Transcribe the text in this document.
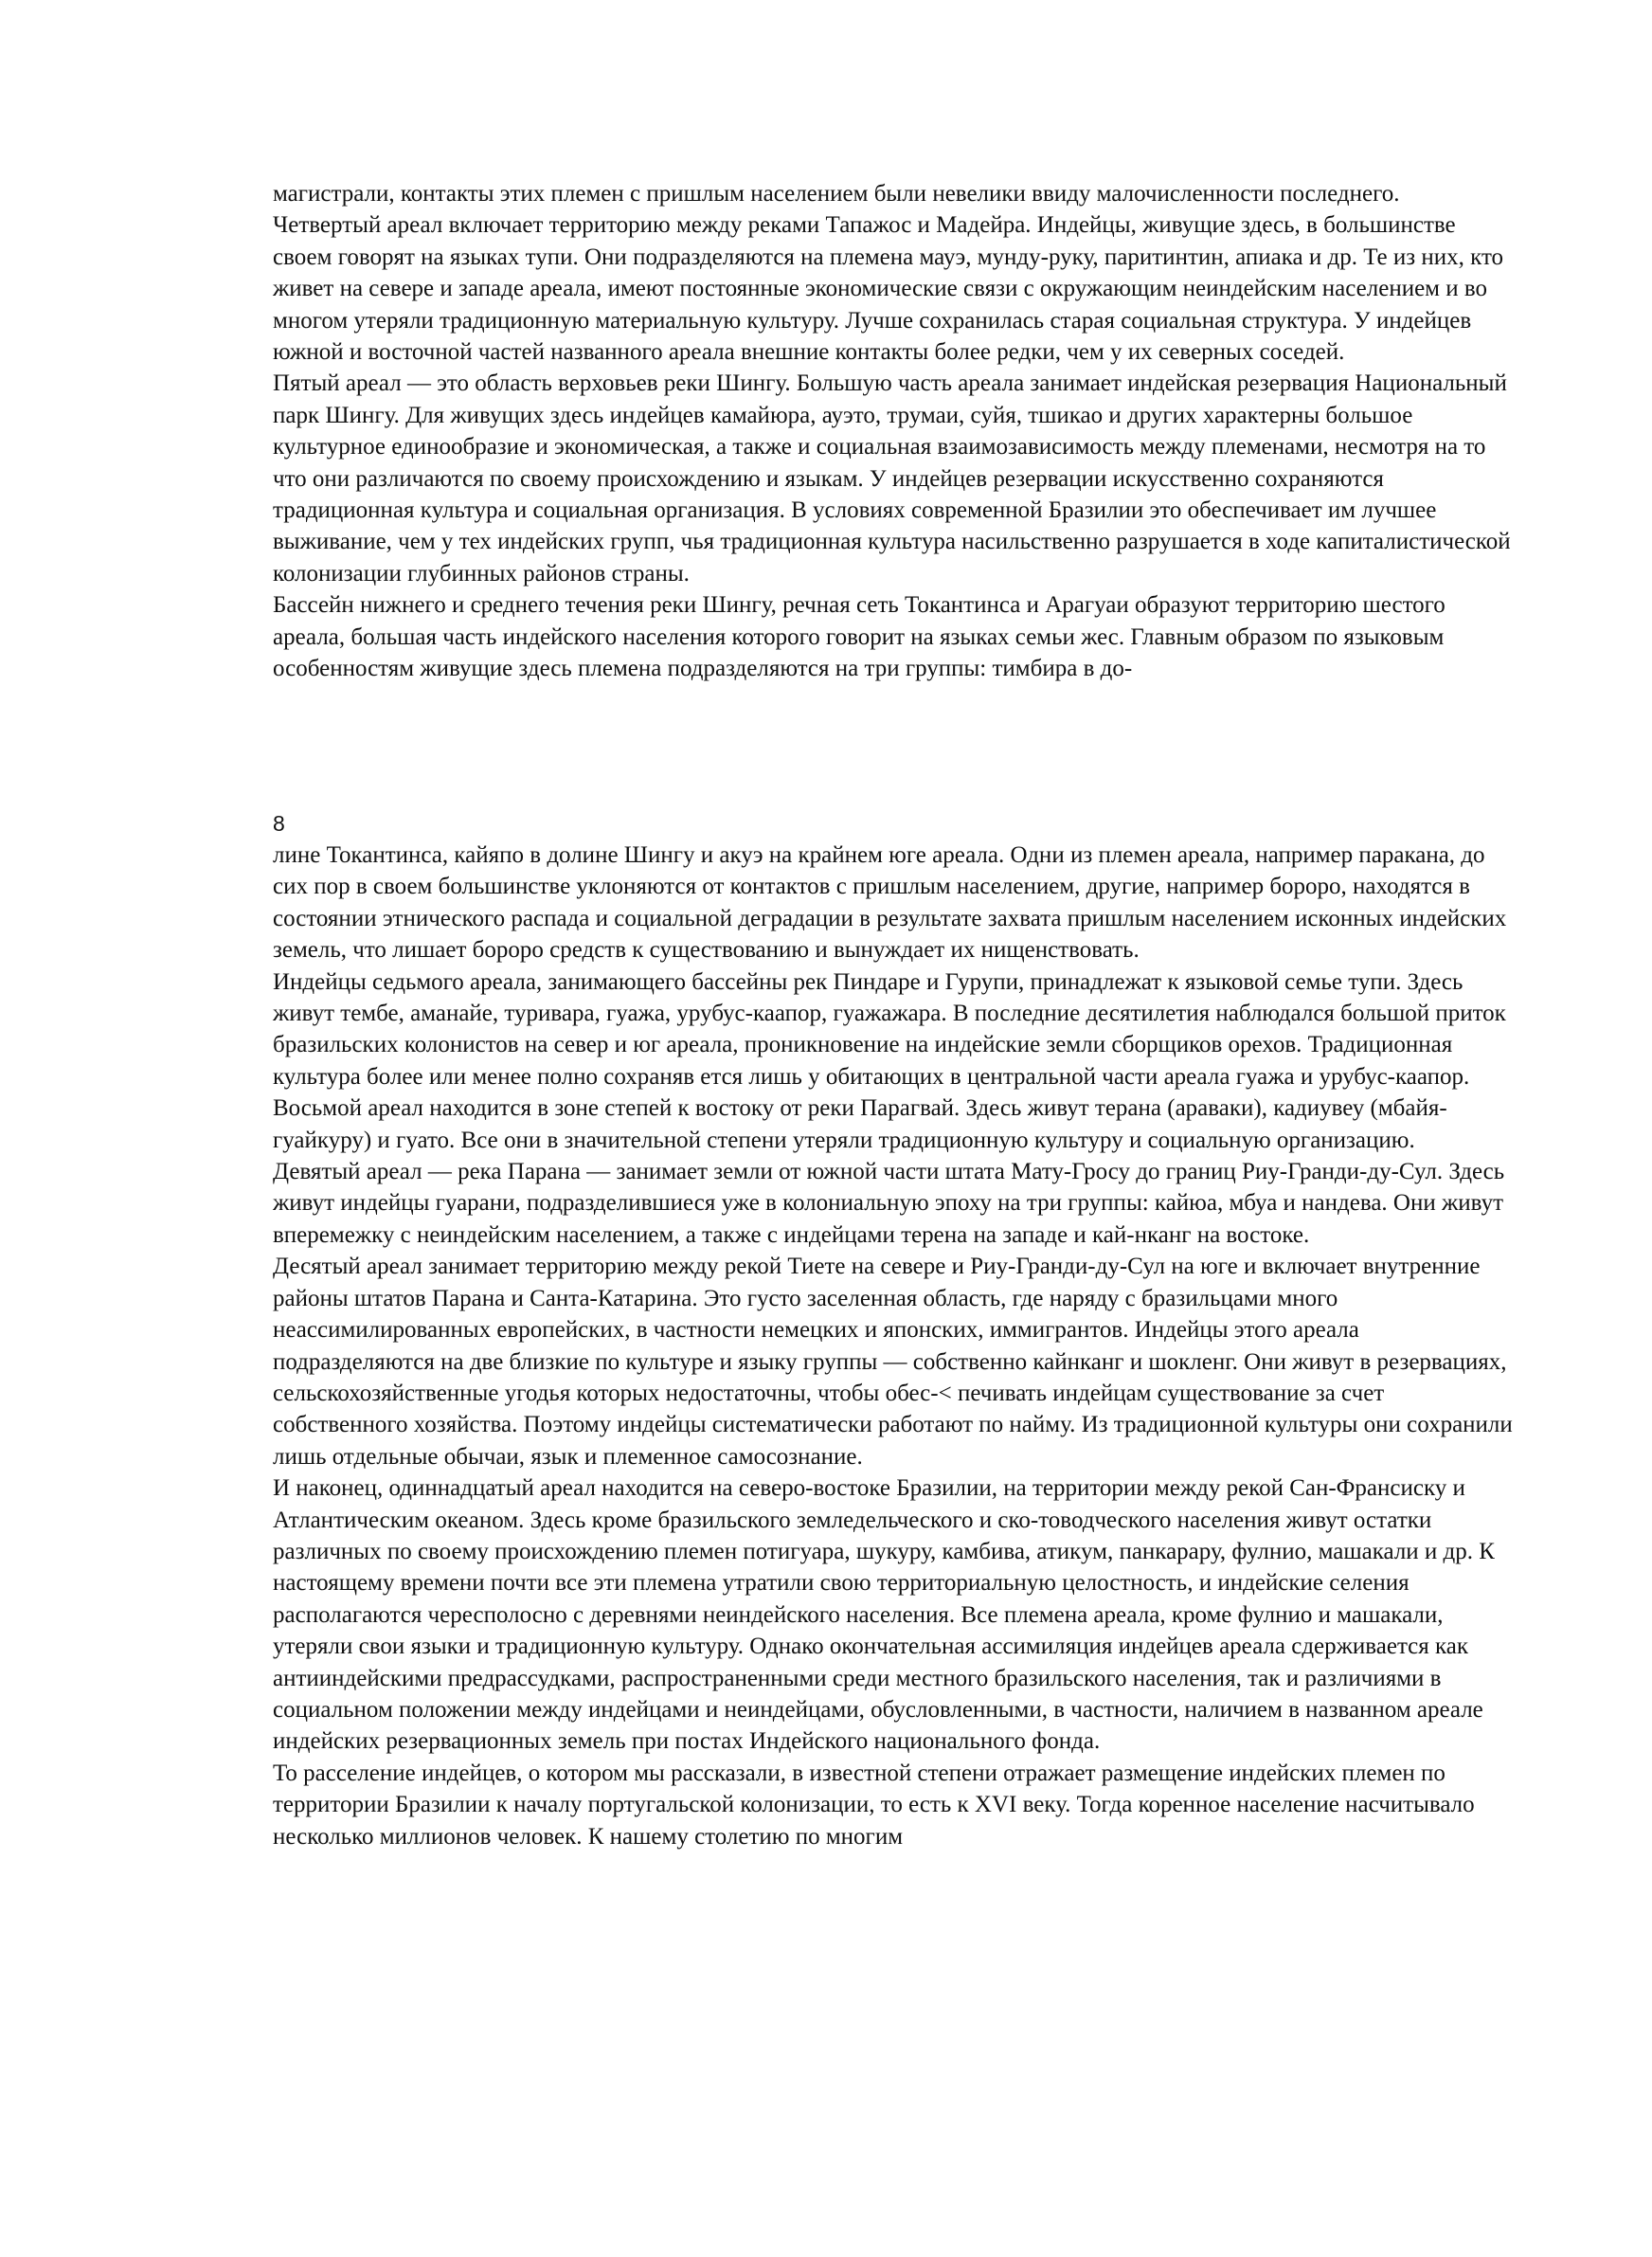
магистрали, контакты этих племен с пришлым населением были невелики ввиду малочисленности последнего.

Четвертый ареал включает территорию между реками Тапажос и Мадейра. Индейцы, живущие здесь, в большинстве своем говорят на языках тупи. Они подразделяются на племена мауэ, мунду-руку, паритинтин, апиака и др. Те из них, кто живет на севере и западе ареала, имеют постоянные экономические связи с окружающим неиндейским населением и во многом утеряли традиционную материальную культуру. Лучше сохранилась старая социальная структура. У индейцев южной и восточной частей названного ареала внешние контакты более редки, чем у их северных соседей.

Пятый ареал — это область верховьев реки Шингу. Большую часть ареала занимает индейская резервация Национальный парк Шингу. Для живущих здесь индейцев камайюра, ауэто, трумаи, суйя, тшикао и других характерны большое культурное единообразие и экономическая, а также и социальная взаимозависимость между племенами, несмотря на то что они различаются по своему происхождению и языкам. У индейцев резервации искусственно сохраняются традиционная культура и социальная организация. В условиях современной Бразилии это обеспечивает им лучшее выживание, чем у тех индейских групп, чья традиционная культура насильственно разрушается в ходе капиталистической колонизации глубинных районов страны.

Бассейн нижнего и среднего течения реки Шингу, речная сеть Токантинса и Арагуаи образуют территорию шестого ареала, большая часть индейского населения которого говорит на языках семьи жес. Главным образом по языковым особенностям живущие здесь племена подразделяются на три группы: тимбира в до-

8

лине Токантинса, кайяпо в долине Шингу и акуэ на крайнем юге ареала. Одни из племен ареала, например паракана, до сих пор в своем большинстве уклоняются от контактов с пришлым населением, другие, например бороро, находятся в состоянии этнического распада и социальной деградации в результате захвата пришлым населением исконных индейских земель, что лишает бороро средств к существованию и вынуждает их нищенствовать.

Индейцы седьмого ареала, занимающего бассейны рек Пиндаре и Гурупи, принадлежат к языковой семье тупи. Здесь живут тембе, аманайе, туривара, гуажа, урубус-каапор, гуажажара. В последние десятилетия наблюдался большой приток бразильских колонистов на север и юг ареала, проникновение на индейские земли сборщиков орехов. Традиционная культура более или менее полно сохраняв ется лишь у обитающих в центральной части ареала гуажа и урубус-каапор.

Восьмой ареал находится в зоне степей к востоку от реки Парагвай. Здесь живут терана (араваки), кадиувеу (мбайя-гуайкуру) и гуато. Все они в значительной степени утеряли традиционную культуру и социальную организацию.

Девятый ареал — река Парана — занимает земли от южной части штата Мату-Гросу до границ Риу-Гранди-ду-Сул. Здесь живут индейцы гуарани, подразделившиеся уже в колониальную эпоху на три группы: кайюа, мбуа и нандева. Они живут вперемежку с неиндейским населением, а также с индейцами терена на западе и кай-нканг на востоке.

Десятый ареал занимает территорию между рекой Тиете на севере и Риу-Гранди-ду-Сул на юге и включает внутренние районы штатов Парана и Санта-Катарина. Это густо заселенная область, где наряду с бразильцами много неассимилированных европейских, в частности немецких и японских, иммигрантов. Индейцы этого ареала подразделяются на две близкие по культуре и языку группы — собственно кайнканг и шокленг. Они живут в резервациях, сельскохозяйственные угодья которых недостаточны, чтобы обес-< печивать индейцам существование за счет собственного хозяйства. Поэтому индейцы систематически работают по найму. Из традиционной культуры они сохранили лишь отдельные обычаи, язык и племенное самосознание.

И наконец, одиннадцатый ареал находится на северо-востоке Бразилии, на территории между рекой Сан-Франсиску и Атлантическим океаном. Здесь кроме бразильского земледельческого и ско-товодческого населения живут остатки различных по своему происхождению племен потигуара, шукуру, камбива, атикум, панкарару, фулнио, машакали и др. К настоящему времени почти все эти племена утратили свою территориальную целостность, и индейские селения располагаются чересполосно с деревнями неиндейского населения. Все племена ареала, кроме фулнио и машакали, утеряли свои языки и традиционную культуру. Однако окончательная ассимиляция индейцев ареала сдерживается как антииндейскими предрассудками, распространенными среди местного бразильского населения, так и различиями в социальном положении между индейцами и неиндейцами, обусловленными, в частности, наличием в названном ареале индейских резервационных земель при постах Индейского национального фонда.

То расселение индейцев, о котором мы рассказали, в известной степени отражает размещение индейских племен по территории Бразилии к началу португальской колонизации, то есть к XVI веку. Тогда коренное население насчитывало несколько миллионов человек. К нашему столетию по многим
